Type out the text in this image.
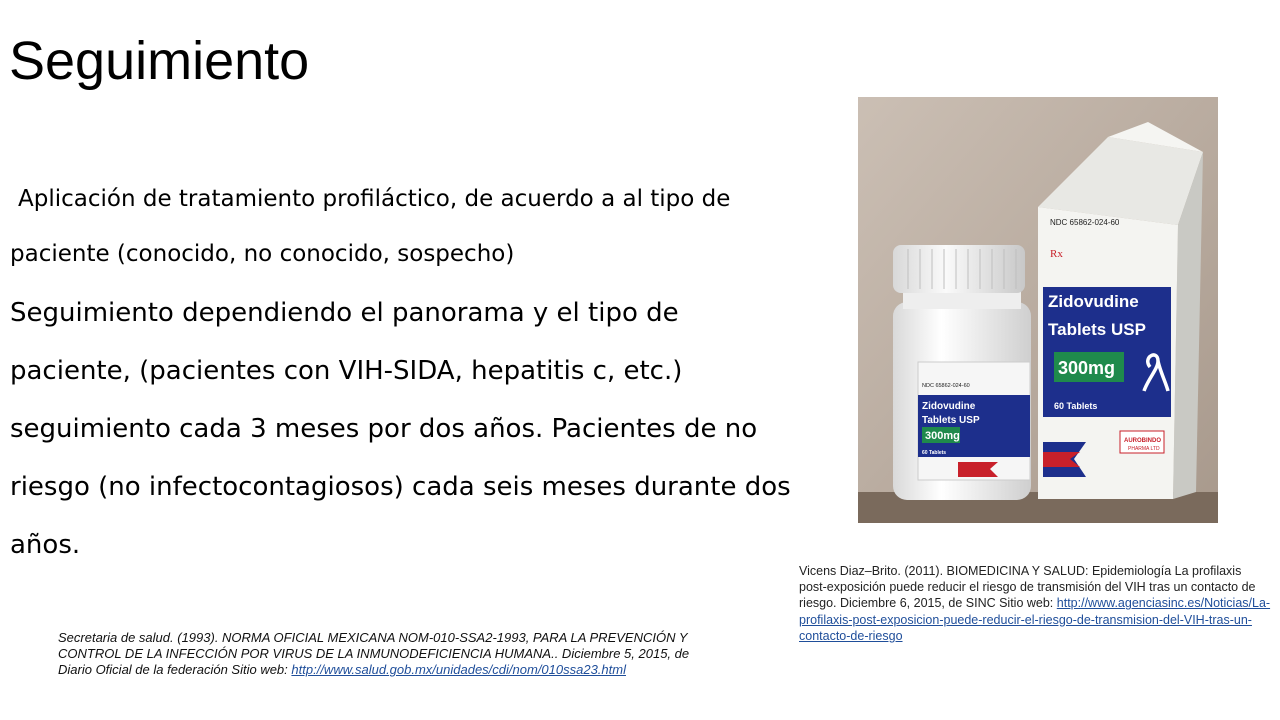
Seguimiento
Aplicación de tratamiento profiláctico, de acuerdo a al tipo de paciente (conocido, no conocido, sospecho)
Seguimiento dependiendo el panorama y el tipo de paciente, (pacientes con VIH-SIDA, hepatitis c, etc.) seguimiento cada 3 meses por dos años. Pacientes de no riesgo (no infectocontagiosos) cada seis meses durante dos años.
NDC 65862-024-60
Rx
Zidovudine
Tablets USP
300mg
60 Tablets
AUROBINDO
PHARMA LTD
NDC 65862-024-60
Zidovudine
Tablets USP
300mg
60 Tablets
Vicens Diaz–Brito. (2011). BIOMEDICINA Y SALUD: Epidemiología La profilaxis post-exposición puede reducir el riesgo de transmisión del VIH tras un contacto de riesgo. Diciembre 6, 2015, de SINC Sitio web: http://www.agenciasinc.es/Noticias/La-profilaxis-post-exposicion-puede-reducir-el-riesgo-de-transmision-del-VIH-tras-un-contacto-de-riesgo
Secretaria de salud. (1993). NORMA OFICIAL MEXICANA NOM-010-SSA2-1993, PARA LA PREVENCIÓN Y CONTROL DE LA INFECCIÓN POR VIRUS DE LA INMUNODEFICIENCIA HUMANA.. Diciembre 5, 2015, de Diario Oficial de la federación Sitio web: http://www.salud.gob.mx/unidades/cdi/nom/010ssa23.html
